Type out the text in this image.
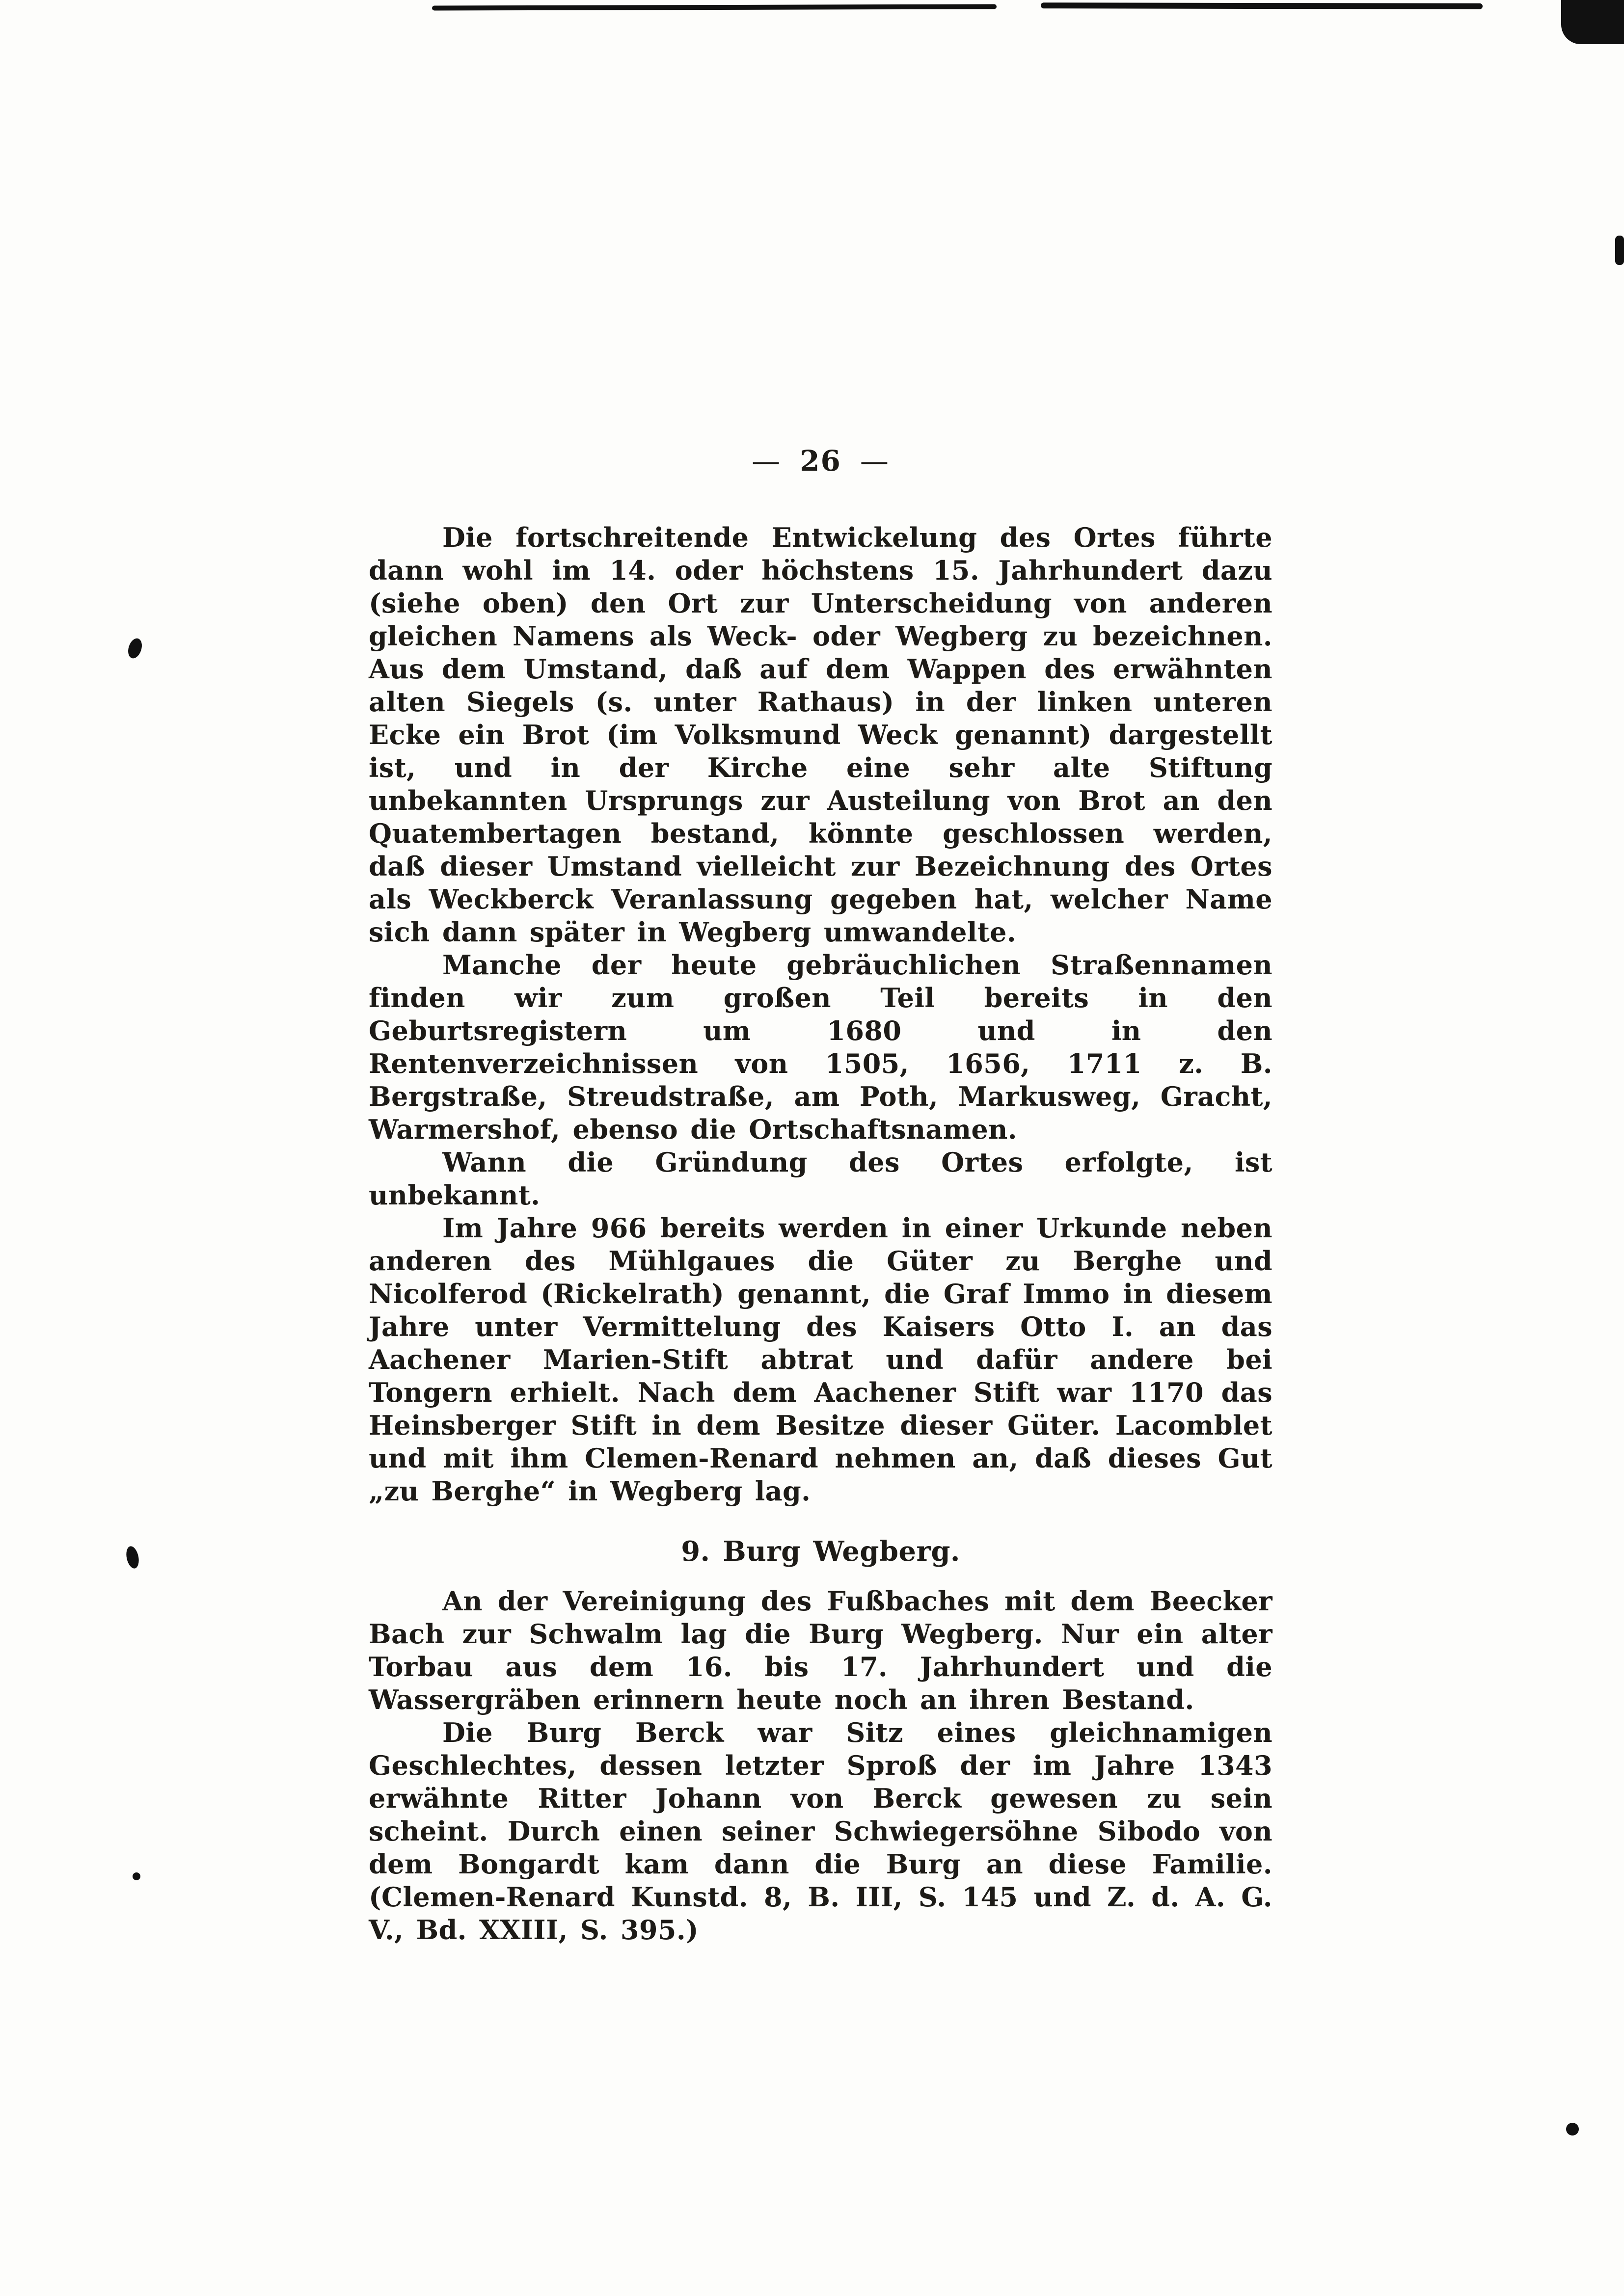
— 26 —

Die fortschreitende Entwickelung des Ortes führte dann wohl im 14. oder höchstens 15. Jahrhundert dazu (siehe oben) den Ort zur Unterscheidung von anderen gleichen Namens als Weck- oder Wegberg zu bezeichnen. Aus dem Umstand, daß auf dem Wappen des erwähnten alten Siegels (s. unter Rathaus) in der linken unteren Ecke ein Brot (im Volksmund Weck genannt) dargestellt ist, und in der Kirche eine sehr alte Stiftung unbekannten Ursprungs zur Austeilung von Brot an den Quatembertagen bestand, könnte geschlossen werden, daß dieser Umstand vielleicht zur Bezeichnung des Ortes als Weckberck Veranlassung gegeben hat, welcher Name sich dann später in Wegberg umwandelte.

Manche der heute gebräuchlichen Straßennamen finden wir zum großen Teil bereits in den Geburtsregistern um 1680 und in den Rentenverzeichnissen von 1505, 1656, 1711 z. B. Bergstraße, Streudstraße, am Poth, Markusweg, Gracht, Warmershof, ebenso die Ortschaftsnamen.

Wann die Gründung des Ortes erfolgte, ist unbekannt.

Im Jahre 966 bereits werden in einer Urkunde neben anderen des Mühlgaues die Güter zu Berghe und Nicolferod (Rickelrath) genannt, die Graf Immo in diesem Jahre unter Vermittelung des Kaisers Otto I. an das Aachener Marien-Stift abtrat und dafür andere bei Tongern erhielt. Nach dem Aachener Stift war 1170 das Heinsberger Stift in dem Besitze dieser Güter. Lacomblet und mit ihm Clemen-Renard nehmen an, daß dieses Gut „zu Berghe“ in Wegberg lag.

9. Burg Wegberg.

An der Vereinigung des Fußbaches mit dem Beecker Bach zur Schwalm lag die Burg Wegberg. Nur ein alter Torbau aus dem 16. bis 17. Jahrhundert und die Wassergräben erinnern heute noch an ihren Bestand.

Die Burg Berck war Sitz eines gleichnamigen Geschlechtes, dessen letzter Sproß der im Jahre 1343 erwähnte Ritter Johann von Berck gewesen zu sein scheint. Durch einen seiner Schwiegersöhne Sibodo von dem Bongardt kam dann die Burg an diese Familie. (Clemen-Renard Kunstd. 8, B. III, S. 145 und Z. d. A. G. V., Bd. XXIII, S. 395.)
